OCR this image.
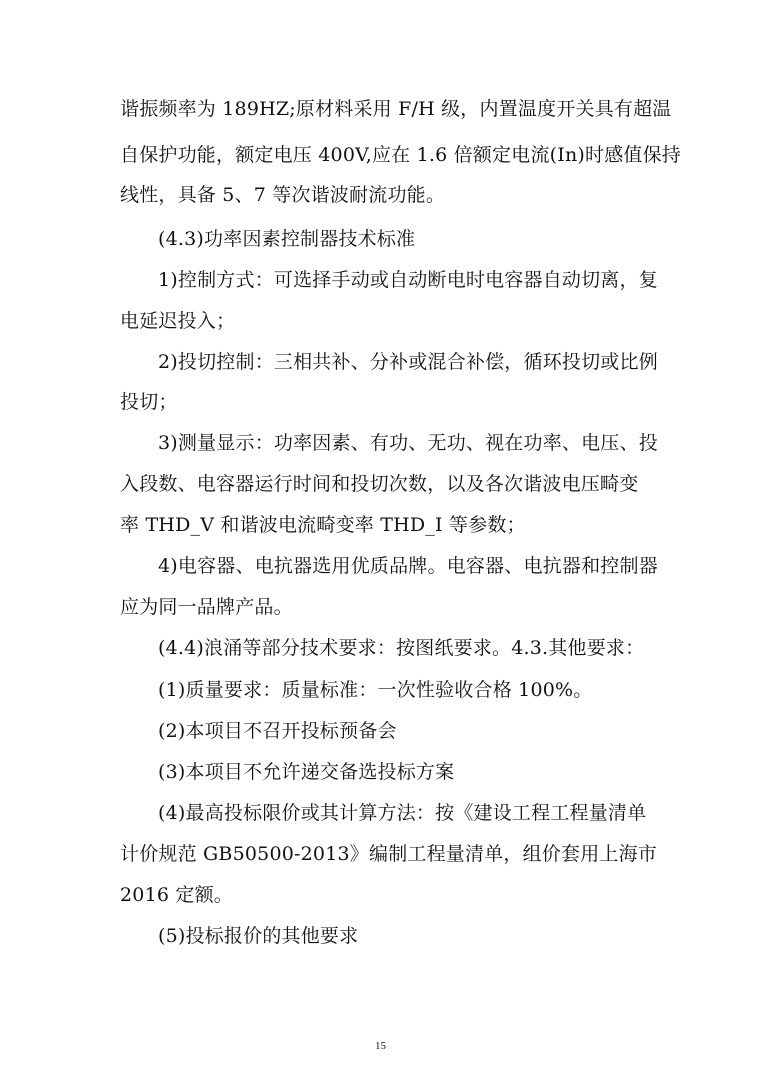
谐振频率为 189HZ;原材料采用 F/H 级，内置温度开关具有超温
自保护功能，额定电压 400V,应在 1.6 倍额定电流(In)时感值保持
线性，具备 5、7 等次谐波耐流功能。
(4.3)功率因素控制器技术标准
1)控制方式：可选择手动或自动断电时电容器自动切离，复
电延迟投入；
2)投切控制：三相共补、分补或混合补偿，循环投切或比例
投切；
3)测量显示：功率因素、有功、无功、视在功率、电压、投
入段数、电容器运行时间和投切次数，以及各次谐波电压畸变
率 THD_V 和谐波电流畸变率 THD_I 等参数；
4)电容器、电抗器选用优质品牌。电容器、电抗器和控制器
应为同一品牌产品。
(4.4)浪涌等部分技术要求：按图纸要求。4.3.其他要求：
(1)质量要求：质量标准：一次性验收合格 100%。
(2)本项目不召开投标预备会
(3)本项目不允许递交备选投标方案
(4)最高投标限价或其计算方法：按《建设工程工程量清单
计价规范 GB50500-2013》编制工程量清单，组价套用上海市
2016 定额。
(5)投标报价的其他要求
15
